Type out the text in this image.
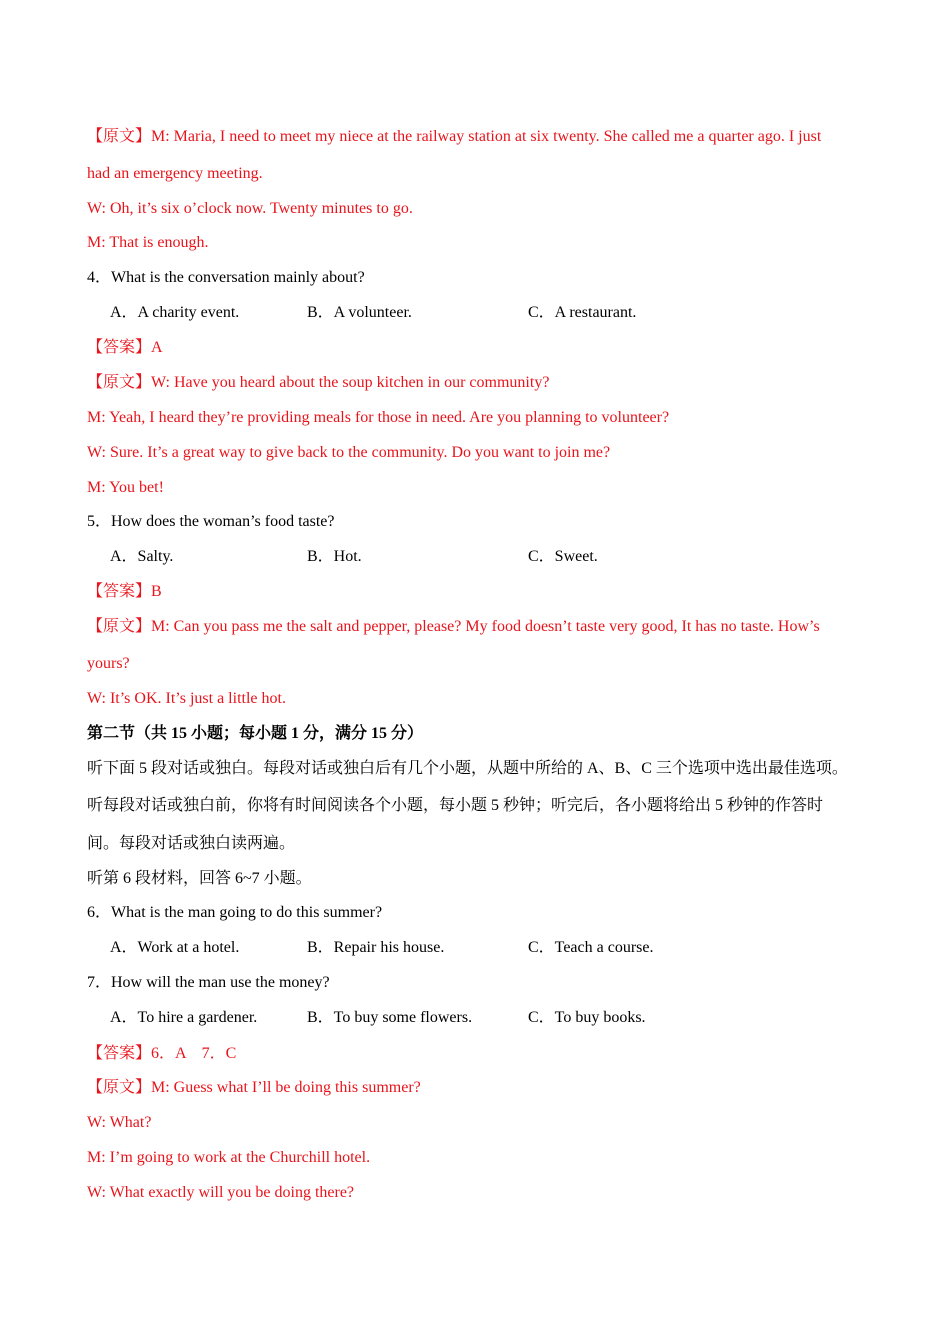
【原文】M: Maria, I need to meet my niece at the railway station at six twenty. She called me a quarter ago. I just
had an emergency meeting.
W: Oh, it’s six o’clock now. Twenty minutes to go.
M: That is enough.
4．What is the conversation mainly about?
A．A charity event.	B．A volunteer.	C．A restaurant.
【答案】A
【原文】W: Have you heard about the soup kitchen in our community?
M: Yeah, I heard they’re providing meals for those in need. Are you planning to volunteer?
W: Sure. It’s a great way to give back to the community. Do you want to join me?
M: You bet!
5．How does the woman’s food taste?
A．Salty.	B．Hot.	C．Sweet.
【答案】B
【原文】M: Can you pass me the salt and pepper, please? My food doesn’t taste very good, It has no taste. How’s
yours?
W: It’s OK. It’s just a little hot.
第二节（共 15 小题；每小题 1 分，满分 15 分）
听下面 5 段对话或独白。每段对话或独白后有几个小题，从题中所给的 A、B、C 三个选项中选出最佳选项。
听每段对话或独白前，你将有时间阅读各个小题，每小题 5 秒钟；听完后，各小题将给出 5 秒钟的作答时
间。每段对话或独白读两遍。
听第 6 段材料，回答 6~7 小题。
6．What is the man going to do this summer?
A．Work at a hotel.	B．Repair his house.	C．Teach a course.
7．How will the man use the money?
A．To hire a gardener.	B．To buy some flowers.	C．To buy books.
【答案】6．A    7．C
【原文】M: Guess what I’ll be doing this summer?
W: What?
M: I’m going to work at the Churchill hotel.
W: What exactly will you be doing there?
